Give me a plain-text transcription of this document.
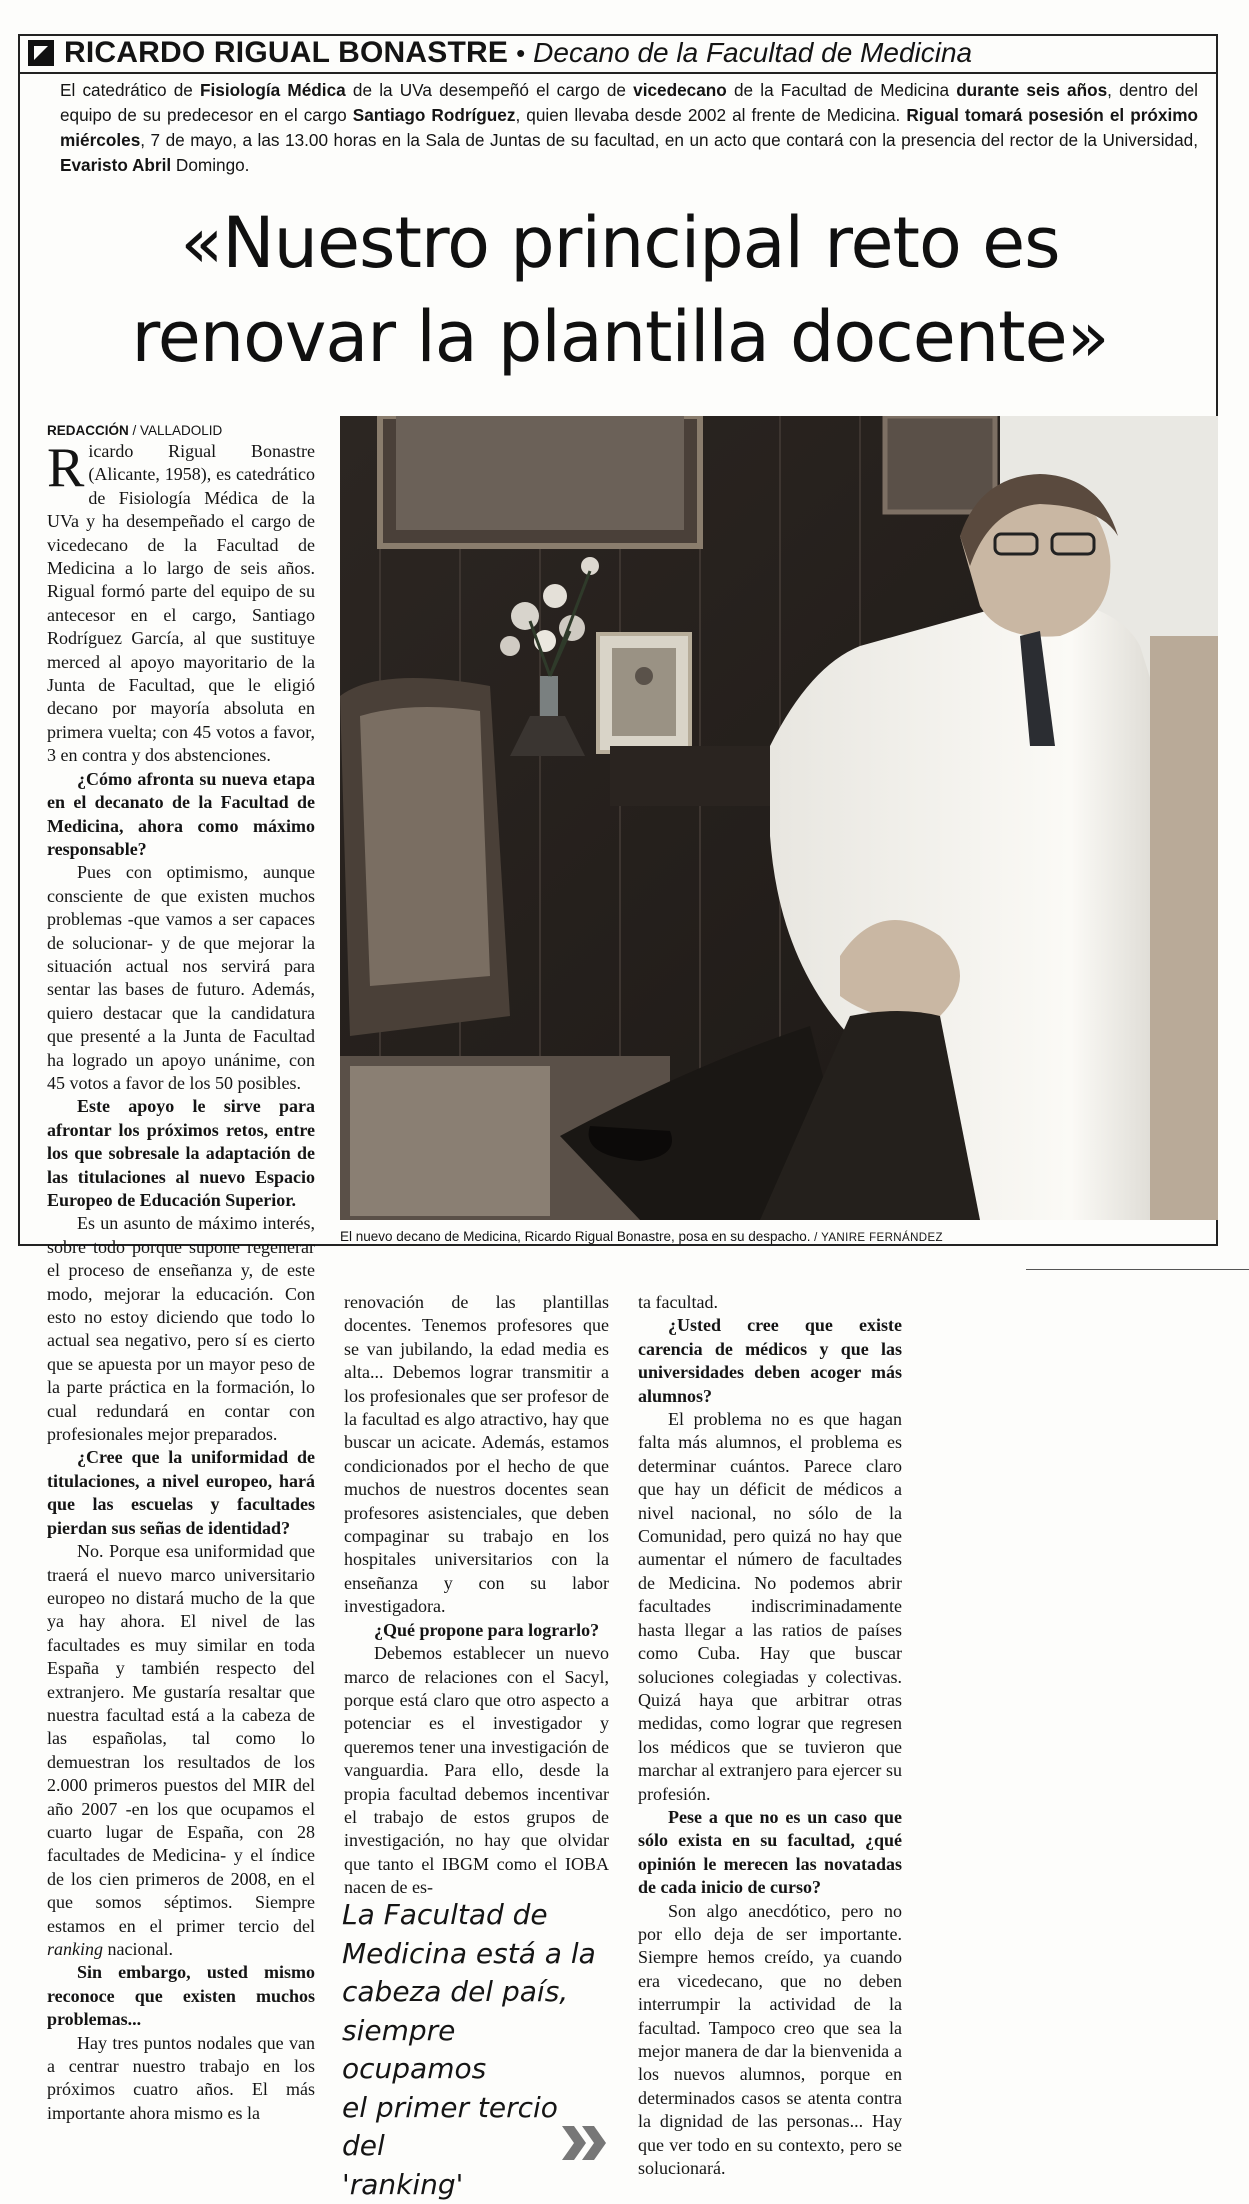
RICARDO RIGUAL BONASTRE • Decano de la Facultad de Medicina
El catedrático de Fisiología Médica de la UVa desempeñó el cargo de vicedecano de la Facultad de Medicina durante seis años, dentro del equipo de su predecesor en el cargo Santiago Rodríguez, quien llevaba desde 2002 al frente de Medicina. Rigual tomará posesión el próximo miércoles, 7 de mayo, a las 13.00 horas en la Sala de Juntas de su facultad, en un acto que contará con la presencia del rector de la Universidad, Evaristo Abril Domingo.
«Nuestro principal reto es
renovar la plantilla docente»
El nuevo decano de Medicina, Ricardo Rigual Bonastre, posa en su despacho. / YANIRE FERNÁNDEZ
REDACCIÓN / VALLADOLID

Ricardo Rigual Bonastre (Alicante, 1958), es catedrático de Fisiología Médica de la UVa y ha desempeñado el cargo de vicedecano de la Facultad de Medicina a lo largo de seis años. Rigual formó parte del equipo de su antecesor en el cargo, Santiago Rodríguez García, al que sustituye merced al apoyo mayoritario de la Junta de Facultad, que le eligió decano por mayoría absoluta en primera vuelta; con 45 votos a favor, 3 en contra y dos abstenciones.

¿Cómo afronta su nueva etapa en el decanato de la Facultad de Medicina, ahora como máximo responsable?

Pues con optimismo, aunque consciente de que existen muchos problemas -que vamos a ser capaces de solucionar- y de que mejorar la situación actual nos servirá para sentar las bases de futuro. Además, quiero destacar que la candidatura que presenté a la Junta de Facultad ha logrado un apoyo unánime, con 45 votos a favor de los 50 posibles.

Este apoyo le sirve para afrontar los próximos retos, entre los que sobresale la adaptación de las titulaciones al nuevo Espacio Europeo de Educación Superior.

Es un asunto de máximo interés, sobre todo porque supone regenerar el proceso de enseñanza y, de este modo, mejorar la educación. Con esto no estoy diciendo que todo lo actual sea negativo, pero sí es cierto que se apuesta por un mayor peso de la parte práctica en la formación, lo cual redundará en contar con profesionales mejor preparados.

¿Cree que la uniformidad de titulaciones, a nivel europeo, hará que las escuelas y facultades pierdan sus señas de identidad?

No. Porque esa uniformidad que traerá el nuevo marco universitario europeo no distará mucho de la que ya hay ahora. El nivel de las facultades es muy similar en toda España y también respecto del extranjero. Me gustaría resaltar que nuestra facultad está a la cabeza de las españolas, tal como lo demuestran los resultados de los 2.000 primeros puestos del MIR del año 2007 -en los que ocupamos el cuarto lugar de España, con 28 facultades de Medicina- y el índice de los cien primeros de 2008, en el que somos séptimos. Siempre estamos en el primer tercio del ranking nacional.

Sin embargo, usted mismo reconoce que existen muchos problemas...

Hay tres puntos nodales que van a centrar nuestro trabajo en los próximos cuatro años. El más importante ahora mismo es la

renovación de las plantillas docentes. Tenemos profesores que se van jubilando, la edad media es alta... Debemos lograr transmitir a los profesionales que ser profesor de la facultad es algo atractivo, hay que buscar un acicate. Además, estamos condicionados por el hecho de que muchos de nuestros docentes sean profesores asistenciales, que deben compaginar su trabajo en los hospitales universitarios con la enseñanza y con su labor investigadora.

¿Qué propone para lograrlo?

Debemos establecer un nuevo marco de relaciones con el Sacyl, porque está claro que otro aspecto a potenciar es el investigador y queremos tener una investigación de vanguardia. Para ello, desde la propia facultad debemos incentivar el trabajo de estos grupos de investigación, no hay que olvidar que tanto el IBGM como el IOBA nacen de es-

ta facultad.

¿Usted cree que existe carencia de médicos y que las universidades deben acoger más alumnos?

El problema no es que hagan falta más alumnos, el problema es determinar cuántos. Parece claro que hay un déficit de médicos a nivel nacional, no sólo de la Comunidad, pero quizá no hay que aumentar el número de facultades de Medicina. No podemos abrir facultades indiscriminadamente hasta llegar a las ratios de países como Cuba. Hay que buscar soluciones colegiadas y colectivas. Quizá haya que arbitrar otras medidas, como lograr que regresen los médicos que se tuvieron que marchar al extranjero para ejercer su profesión.

Pese a que no es un caso que sólo exista en su facultad, ¿qué opinión le merecen las novatadas de cada inicio de curso?

Son algo anecdótico, pero no por ello deja de ser importante. Siempre hemos creído, ya cuando era vicedecano, que no deben interrumpir la actividad de la facultad. Tampoco creo que sea la mejor manera de dar la bienvenida a los nuevos alumnos, porque en determinados casos se atenta contra la dignidad de las personas... Hay que ver todo en su contexto, pero se solucionará.

La Facultad de
Medicina está a la
cabeza del país,
siempre ocupamos
el primer tercio del
'ranking'
